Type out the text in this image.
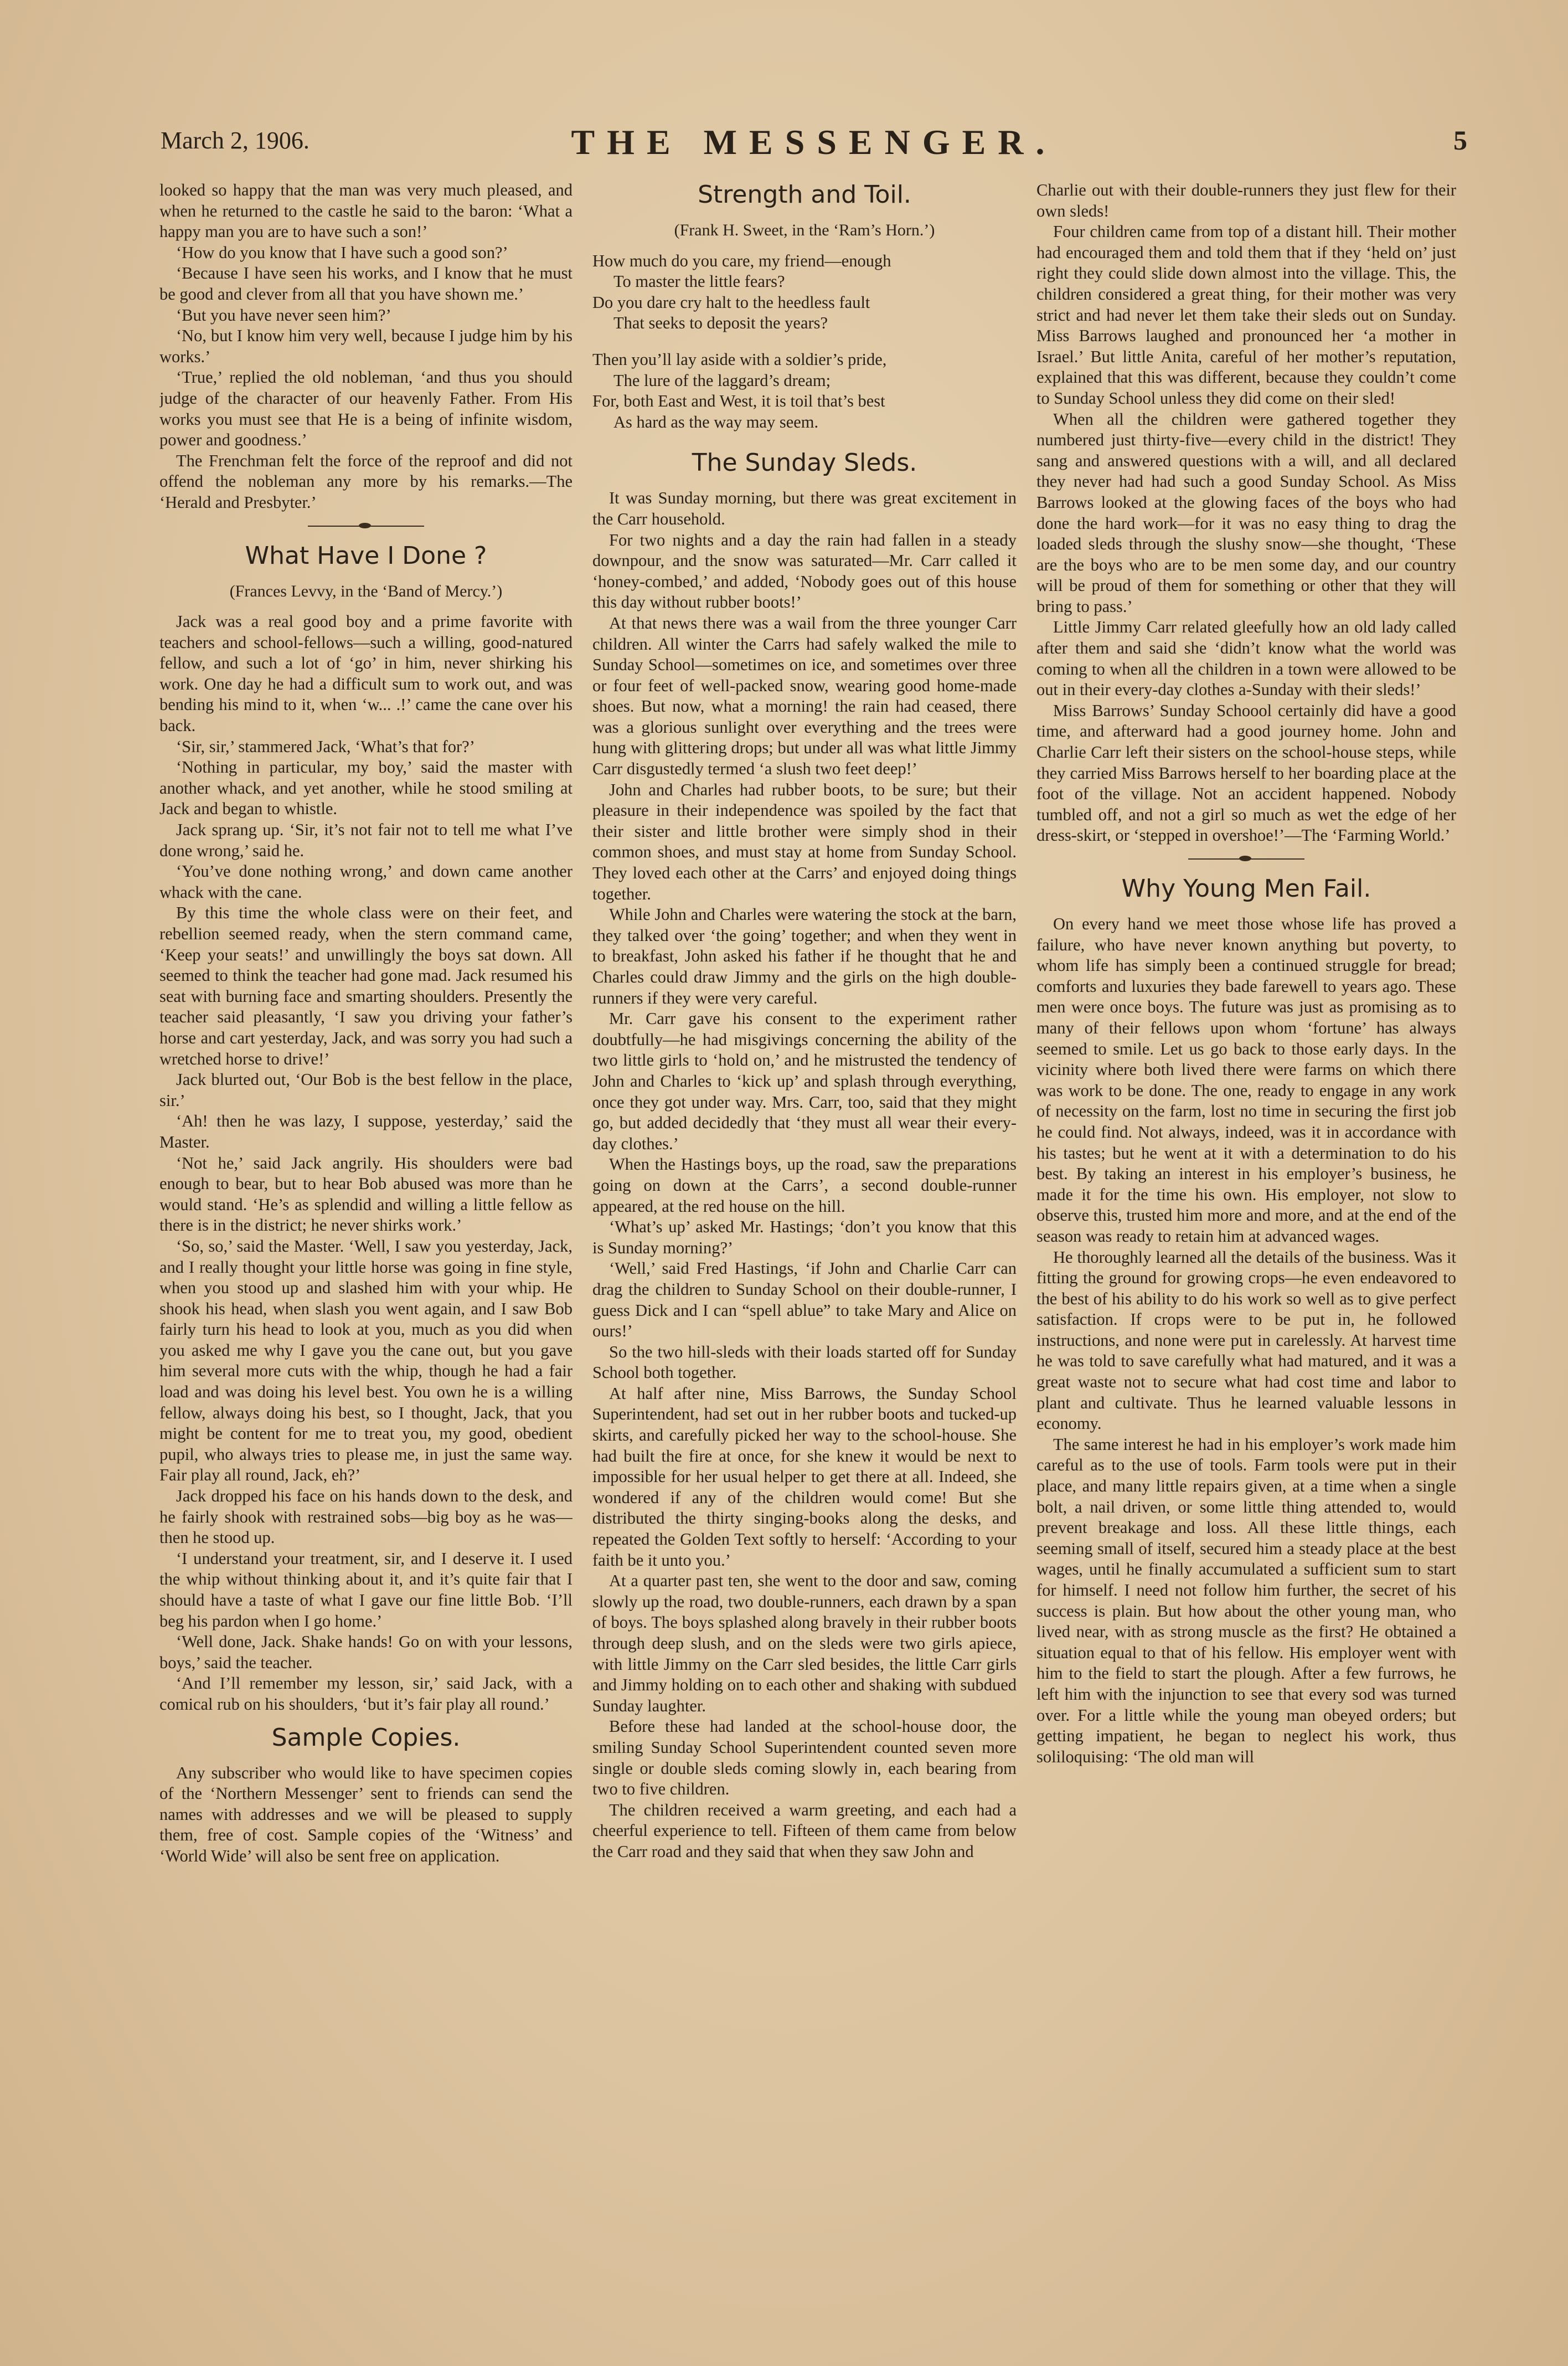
March 2, 1906.	THE MESSENGER.	5

looked so happy that the man was very much pleased, and when he returned to the castle he said to the baron: ‘What a happy man you are to have such a son!’

‘How do you know that I have such a good son?’

‘Because I have seen his works, and I know that he must be good and clever from all that you have shown me.’

‘But you have never seen him?’

‘No, but I know him very well, because I judge him by his works.’

‘True,’ replied the old nobleman, ‘and thus you should judge of the character of our heavenly Father. From His works you must see that He is a being of infinite wisdom, power and goodness.’

The Frenchman felt the force of the reproof and did not offend the nobleman any more by his remarks.—The ‘Herald and Presbyter.’

What Have I Done ?

(Frances Levvy, in the ‘Band of Mercy.’)

Jack was a real good boy and a prime favorite with teachers and school-fellows—such a willing, good-natured fellow, and such a lot of ‘go’ in him, never shirking his work. One day he had a difficult sum to work out, and was bending his mind to it, when ‘w... .!’ came the cane over his back.

‘Sir, sir,’ stammered Jack, ‘What’s that for?’

‘Nothing in particular, my boy,’ said the master with another whack, and yet another, while he stood smiling at Jack and began to whistle.

Jack sprang up. ‘Sir, it’s not fair not to tell me what I’ve done wrong,’ said he.

‘You’ve done nothing wrong,’ and down came another whack with the cane.

By this time the whole class were on their feet, and rebellion seemed ready, when the stern command came, ‘Keep your seats!’ and unwillingly the boys sat down. All seemed to think the teacher had gone mad. Jack resumed his seat with burning face and smarting shoulders. Presently the teacher said pleasantly, ‘I saw you driving your father’s horse and cart yesterday, Jack, and was sorry you had such a wretched horse to drive!’

Jack blurted out, ‘Our Bob is the best fellow in the place, sir.’

‘Ah! then he was lazy, I suppose, yesterday,’ said the Master.

‘Not he,’ said Jack angrily. His shoulders were bad enough to bear, but to hear Bob abused was more than he would stand. ‘He’s as splendid and willing a little fellow as there is in the district; he never shirks work.’

‘So, so,’ said the Master. ‘Well, I saw you yesterday, Jack, and I really thought your little horse was going in fine style, when you stood up and slashed him with your whip. He shook his head, when slash you went again, and I saw Bob fairly turn his head to look at you, much as you did when you asked me why I gave you the cane out, but you gave him several more cuts with the whip, though he had a fair load and was doing his level best. You own he is a willing fellow, always doing his best, so I thought, Jack, that you might be content for me to treat you, my good, obedient pupil, who always tries to please me, in just the same way. Fair play all round, Jack, eh?’

Jack dropped his face on his hands down to the desk, and he fairly shook with restrained sobs—big boy as he was—then he stood up.

‘I understand your treatment, sir, and I deserve it. I used the whip without thinking about it, and it’s quite fair that I should have a taste of what I gave our fine little Bob. ‘I’ll beg his pardon when I go home.’

‘Well done, Jack. Shake hands! Go on with your lessons, boys,’ said the teacher.

‘And I’ll remember my lesson, sir,’ said Jack, with a comical rub on his shoulders, ‘but it’s fair play all round.’

Sample Copies.

Any subscriber who would like to have specimen copies of the ‘Northern Messenger’ sent to friends can send the names with addresses and we will be pleased to supply them, free of cost. Sample copies of the ‘Witness’ and ‘World Wide’ will also be sent free on application.

Strength and Toil.

(Frank H. Sweet, in the ‘Ram’s Horn.’)

How much do you care, my friend—enough
To master the little fears?
Do you dare cry halt to the heedless fault
That seeks to deposit the years?
Then you’ll lay aside with a soldier’s pride,
The lure of the laggard’s dream;
For, both East and West, it is toil that’s best
As hard as the way may seem.
The Sunday Sleds.

It was Sunday morning, but there was great excitement in the Carr household.

For two nights and a day the rain had fallen in a steady downpour, and the snow was saturated—Mr. Carr called it ‘honey-combed,’ and added, ‘Nobody goes out of this house this day without rubber boots!’

At that news there was a wail from the three younger Carr children. All winter the Carrs had safely walked the mile to Sunday School—sometimes on ice, and sometimes over three or four feet of well-packed snow, wearing good home-made shoes. But now, what a morning! the rain had ceased, there was a glorious sunlight over everything and the trees were hung with glittering drops; but under all was what little Jimmy Carr disgustedly termed ‘a slush two feet deep!’

John and Charles had rubber boots, to be sure; but their pleasure in their independence was spoiled by the fact that their sister and little brother were simply shod in their common shoes, and must stay at home from Sunday School. They loved each other at the Carrs’ and enjoyed doing things together.

While John and Charles were watering the stock at the barn, they talked over ‘the going’ together; and when they went in to breakfast, John asked his father if he thought that he and Charles could draw Jimmy and the girls on the high double-runners if they were very careful.

Mr. Carr gave his consent to the experiment rather doubtfully—he had misgivings concerning the ability of the two little girls to ‘hold on,’ and he mistrusted the tendency of John and Charles to ‘kick up’ and splash through everything, once they got under way. Mrs. Carr, too, said that they might go, but added decidedly that ‘they must all wear their every-day clothes.’

When the Hastings boys, up the road, saw the preparations going on down at the Carrs’, a second double-runner appeared, at the red house on the hill.

‘What’s up’ asked Mr. Hastings; ‘don’t you know that this is Sunday morning?’

‘Well,’ said Fred Hastings, ‘if John and Charlie Carr can drag the children to Sunday School on their double-runner, I guess Dick and I can “spell ablue” to take Mary and Alice on ours!’

So the two hill-sleds with their loads started off for Sunday School both together.

At half after nine, Miss Barrows, the Sunday School Superintendent, had set out in her rubber boots and tucked-up skirts, and carefully picked her way to the school-house. She had built the fire at once, for she knew it would be next to impossible for her usual helper to get there at all. Indeed, she wondered if any of the children would come! But she distributed the thirty singing-books along the desks, and repeated the Golden Text softly to herself: ‘According to your faith be it unto you.’

At a quarter past ten, she went to the door and saw, coming slowly up the road, two double-runners, each drawn by a span of boys. The boys splashed along bravely in their rubber boots through deep slush, and on the sleds were two girls apiece, with little Jimmy on the Carr sled besides, the little Carr girls and Jimmy holding on to each other and shaking with subdued Sunday laughter.

Before these had landed at the school-house door, the smiling Sunday School Superintendent counted seven more single or double sleds coming slowly in, each bearing from two to five children.

The children received a warm greeting, and each had a cheerful experience to tell. Fifteen of them came from below the Carr road and they said that when they saw John and

Charlie out with their double-runners they just flew for their own sleds!

Four children came from top of a distant hill. Their mother had encouraged them and told them that if they ‘held on’ just right they could slide down almost into the village. This, the children considered a great thing, for their mother was very strict and had never let them take their sleds out on Sunday. Miss Barrows laughed and pronounced her ‘a mother in Israel.’ But little Anita, careful of her mother’s reputation, explained that this was different, because they couldn’t come to Sunday School unless they did come on their sled!

When all the children were gathered together they numbered just thirty-five—every child in the district! They sang and answered questions with a will, and all declared they never had had such a good Sunday School. As Miss Barrows looked at the glowing faces of the boys who had done the hard work—for it was no easy thing to drag the loaded sleds through the slushy snow—she thought, ‘These are the boys who are to be men some day, and our country will be proud of them for something or other that they will bring to pass.’

Little Jimmy Carr related gleefully how an old lady called after them and said she ‘didn’t know what the world was coming to when all the children in a town were allowed to be out in their every-day clothes a-Sunday with their sleds!’

Miss Barrows’ Sunday Schoool certainly did have a good time, and afterward had a good journey home. John and Charlie Carr left their sisters on the school-house steps, while they carried Miss Barrows herself to her boarding place at the foot of the village. Not an accident happened. Nobody tumbled off, and not a girl so much as wet the edge of her dress-skirt, or ‘stepped in overshoe!’—The ‘Farming World.’

Why Young Men Fail.

On every hand we meet those whose life has proved a failure, who have never known anything but poverty, to whom life has simply been a continued struggle for bread; comforts and luxuries they bade farewell to years ago. These men were once boys. The future was just as promising as to many of their fellows upon whom ‘fortune’ has always seemed to smile. Let us go back to those early days. In the vicinity where both lived there were farms on which there was work to be done. The one, ready to engage in any work of necessity on the farm, lost no time in securing the first job he could find. Not always, indeed, was it in accordance with his tastes; but he went at it with a determination to do his best. By taking an interest in his employer’s business, he made it for the time his own. His employer, not slow to observe this, trusted him more and more, and at the end of the season was ready to retain him at advanced wages.

He thoroughly learned all the details of the business. Was it fitting the ground for growing crops—he even endeavored to the best of his ability to do his work so well as to give perfect satisfaction. If crops were to be put in, he followed instructions, and none were put in carelessly. At harvest time he was told to save carefully what had matured, and it was a great waste not to secure what had cost time and labor to plant and cultivate. Thus he learned valuable lessons in economy.

The same interest he had in his employer’s work made him careful as to the use of tools. Farm tools were put in their place, and many little repairs given, at a time when a single bolt, a nail driven, or some little thing attended to, would prevent breakage and loss. All these little things, each seeming small of itself, secured him a steady place at the best wages, until he finally accumulated a sufficient sum to start for himself. I need not follow him further, the secret of his success is plain. But how about the other young man, who lived near, with as strong muscle as the first? He obtained a situation equal to that of his fellow. His employer went with him to the field to start the plough. After a few furrows, he left him with the injunction to see that every sod was turned over. For a little while the young man obeyed orders; but getting impatient, he began to neglect his work, thus soliloquising: ‘The old man will
